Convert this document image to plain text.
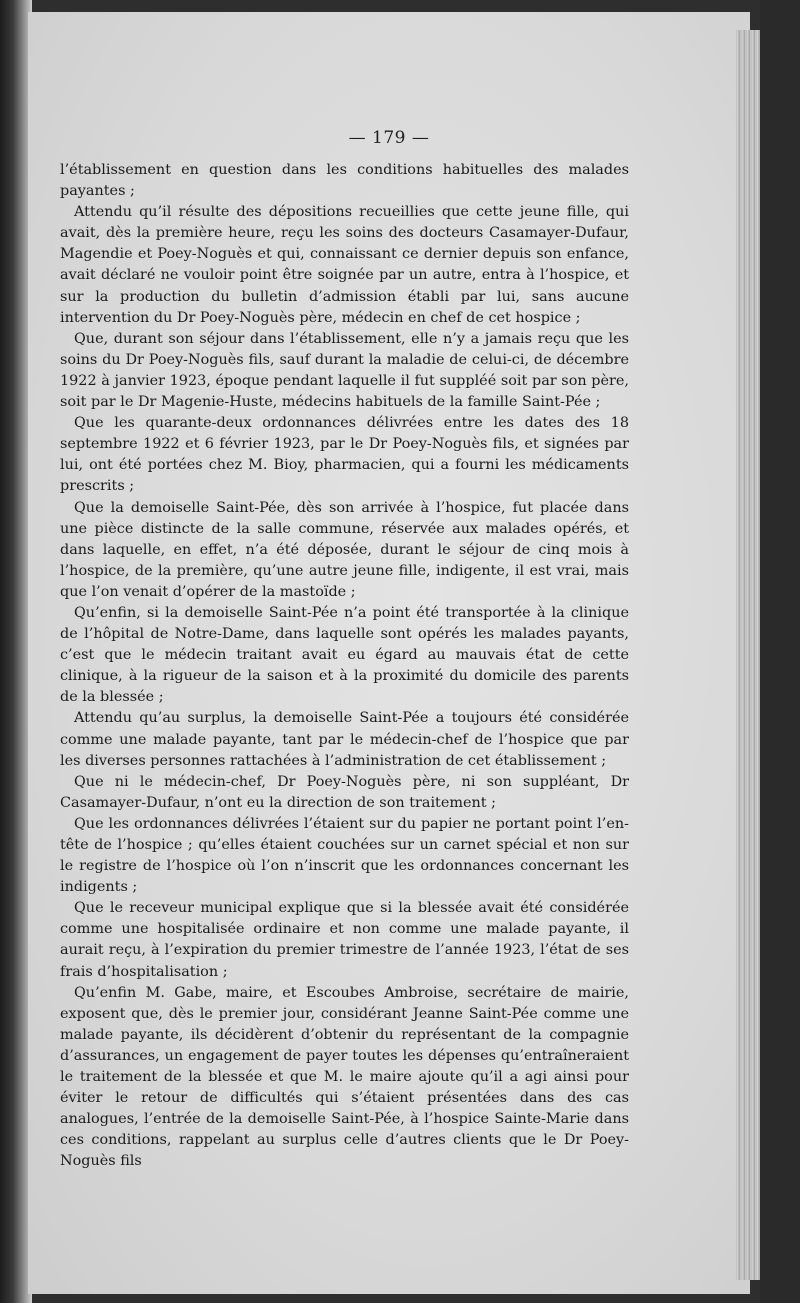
— 179 —

l’établissement en question dans les conditions habituelles des malades payantes ;

Attendu qu’il résulte des dépositions recueillies que cette jeune fille, qui avait, dès la première heure, reçu les soins des docteurs Casamayer-Dufaur, Magendie et Poey-Noguès et qui, connaissant ce dernier depuis son enfance, avait déclaré ne vouloir point être soignée par un autre, entra à l’hospice, et sur la production du bulletin d’admission établi par lui, sans aucune intervention du Dr Poey-Noguès père, médecin en chef de cet hospice ;

Que, durant son séjour dans l’établissement, elle n’y a jamais reçu que les soins du Dr Poey-Noguès fils, sauf durant la maladie de celui-ci, de décembre 1922 à janvier 1923, époque pendant laquelle il fut suppléé soit par son père, soit par le Dr Magenie-Huste, médecins habituels de la famille Saint-Pée ;

Que les quarante-deux ordonnances délivrées entre les dates des 18 septembre 1922 et 6 février 1923, par le Dr Poey-Noguès fils, et signées par lui, ont été portées chez M. Bioy, pharmacien, qui a fourni les médicaments prescrits ;

Que la demoiselle Saint-Pée, dès son arrivée à l’hospice, fut placée dans une pièce distincte de la salle commune, réservée aux malades opérés, et dans laquelle, en effet, n’a été déposée, durant le séjour de cinq mois à l’hospice, de la première, qu’une autre jeune fille, indigente, il est vrai, mais que l’on venait d’opérer de la mastoïde ;

Qu’enfin, si la demoiselle Saint-Pée n’a point été transportée à la clinique de l’hôpital de Notre-Dame, dans laquelle sont opérés les malades payants, c’est que le médecin traitant avait eu égard au mauvais état de cette clinique, à la rigueur de la saison et à la proximité du domicile des parents de la blessée ;

Attendu qu’au surplus, la demoiselle Saint-Pée a toujours été considérée comme une malade payante, tant par le médecin-chef de l’hospice que par les diverses personnes rattachées à l’administration de cet établissement ;

Que ni le médecin-chef, Dr Poey-Noguès père, ni son suppléant, Dr Casamayer-Dufaur, n’ont eu la direction de son traitement ;

Que les ordonnances délivrées l’étaient sur du papier ne portant point l’en-tête de l’hospice ; qu’elles étaient couchées sur un carnet spécial et non sur le registre de l’hospice où l’on n’inscrit que les ordonnances concernant les indigents ;

Que le receveur municipal explique que si la blessée avait été considérée comme une hospitalisée ordinaire et non comme une malade payante, il aurait reçu, à l’expiration du premier trimestre de l’année 1923, l’état de ses frais d’hospitalisation ;

Qu’enfin M. Gabe, maire, et Escoubes Ambroise, secrétaire de mairie, exposent que, dès le premier jour, considérant Jeanne Saint-Pée comme une malade payante, ils décidèrent d’obtenir du représentant de la compagnie d’assurances, un engagement de payer toutes les dépenses qu’entraîneraient le traitement de la blessée et que M. le maire ajoute qu’il a agi ainsi pour éviter le retour de difficultés qui s’étaient présentées dans des cas analogues, l’entrée de la demoiselle Saint-Pée, à l’hospice Sainte-Marie dans ces conditions, rappelant au surplus celle d’autres clients que le Dr Poey-Noguès fils
